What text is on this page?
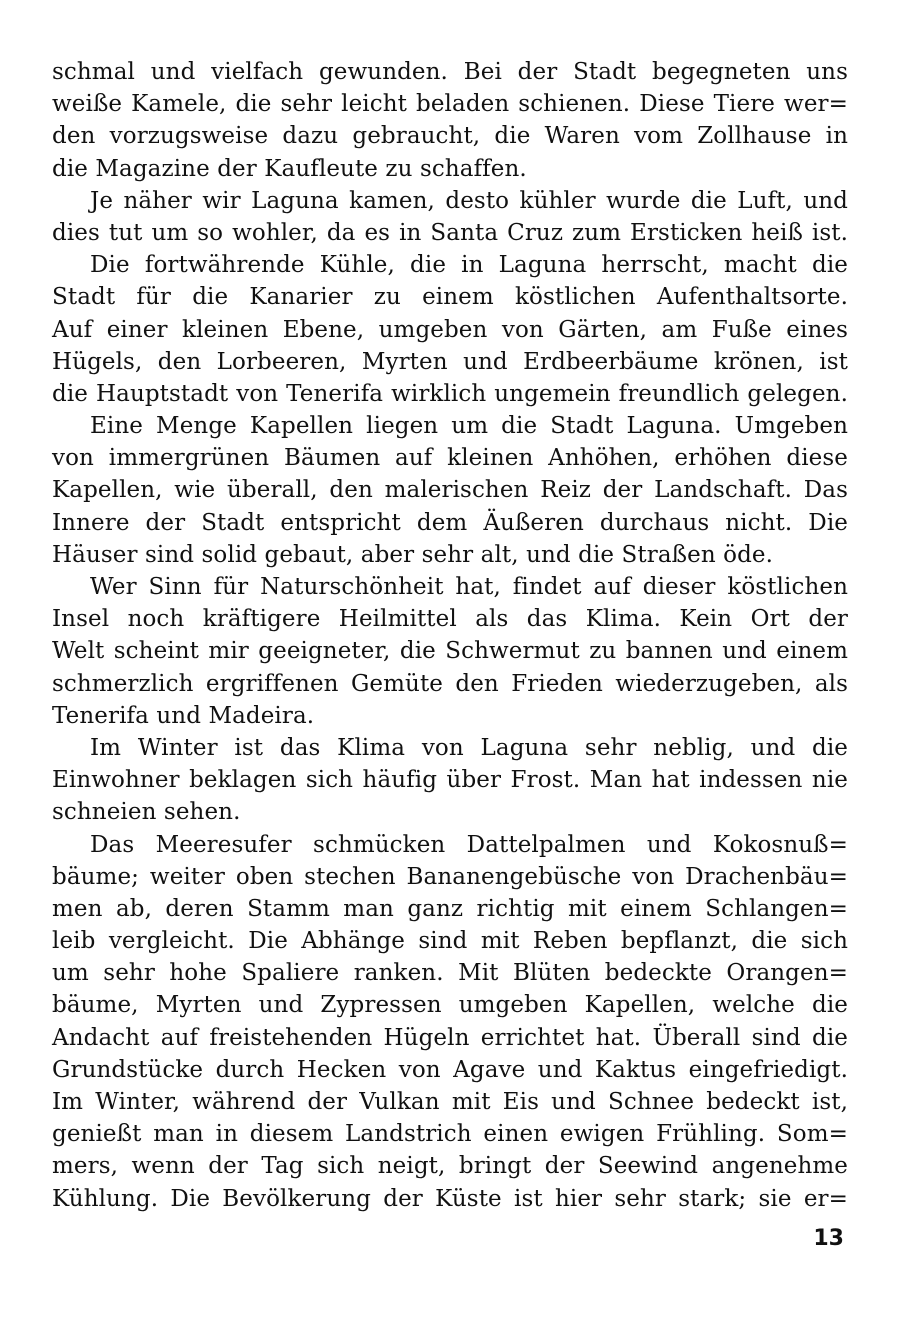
schmal und vielfach gewunden. Bei der Stadt begegneten uns
weiße Kamele, die sehr leicht beladen schienen. Diese Tiere wer=
den vorzugsweise dazu gebraucht, die Waren vom Zollhause in
die Magazine der Kaufleute zu schaffen.
Je näher wir Laguna kamen, desto kühler wurde die Luft, und
dies tut um so wohler, da es in Santa Cruz zum Ersticken heiß ist.
Die fortwährende Kühle, die in Laguna herrscht, macht die
Stadt für die Kanarier zu einem köstlichen Aufenthaltsorte.
Auf einer kleinen Ebene, umgeben von Gärten, am Fuße eines
Hügels, den Lorbeeren, Myrten und Erdbeerbäume krönen, ist
die Hauptstadt von Tenerifa wirklich ungemein freundlich gelegen.
Eine Menge Kapellen liegen um die Stadt Laguna. Umgeben
von immergrünen Bäumen auf kleinen Anhöhen, erhöhen diese
Kapellen, wie überall, den malerischen Reiz der Landschaft. Das
Innere der Stadt entspricht dem Äußeren durchaus nicht. Die
Häuser sind solid gebaut, aber sehr alt, und die Straßen öde.
Wer Sinn für Naturschönheit hat, findet auf dieser köstlichen
Insel noch kräftigere Heilmittel als das Klima. Kein Ort der
Welt scheint mir geeigneter, die Schwermut zu bannen und einem
schmerzlich ergriffenen Gemüte den Frieden wiederzugeben, als
Tenerifa und Madeira.
Im Winter ist das Klima von Laguna sehr neblig, und die
Einwohner beklagen sich häufig über Frost. Man hat indessen nie
schneien sehen.
Das Meeresufer schmücken Dattelpalmen und Kokosnuß=
bäume; weiter oben stechen Bananengebüsche von Drachenbäu=
men ab, deren Stamm man ganz richtig mit einem Schlangen=
leib vergleicht. Die Abhänge sind mit Reben bepflanzt, die sich
um sehr hohe Spaliere ranken. Mit Blüten bedeckte Orangen=
bäume, Myrten und Zypressen umgeben Kapellen, welche die
Andacht auf freistehenden Hügeln errichtet hat. Überall sind die
Grundstücke durch Hecken von Agave und Kaktus eingefriedigt.
Im Winter, während der Vulkan mit Eis und Schnee bedeckt ist,
genießt man in diesem Landstrich einen ewigen Frühling. Som=
mers, wenn der Tag sich neigt, bringt der Seewind angenehme
Kühlung. Die Bevölkerung der Küste ist hier sehr stark; sie er=
13
